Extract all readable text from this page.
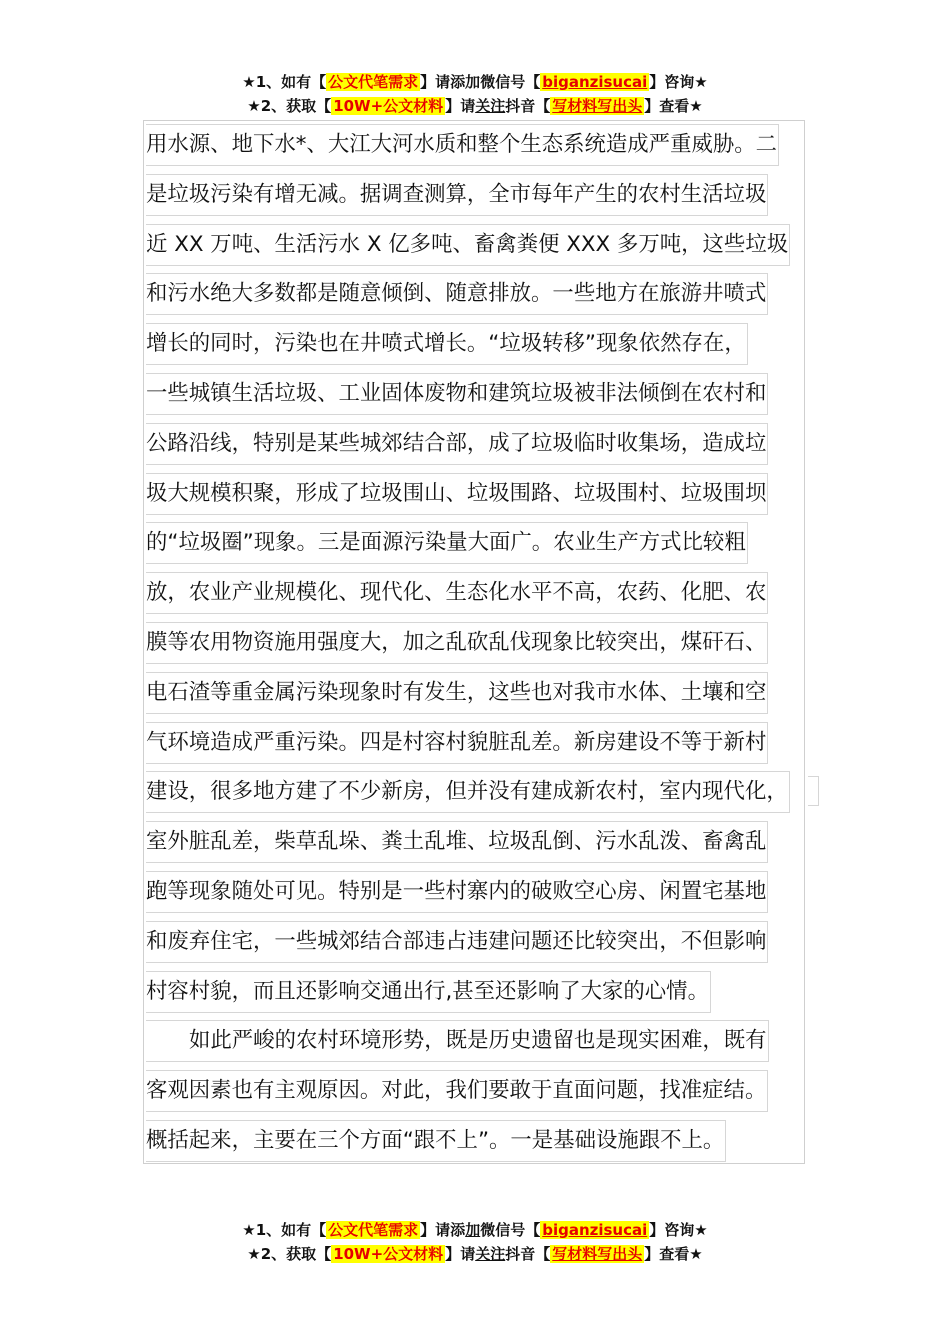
★1、如有【 公文代笔需求 】请添加微信号【 biganzisucai 】咨询★
★2、获取【 10W+公文材料 】请关注抖音【 写材料写出头 】查看★
用水源、地下水*、大江大河水质和整个生态系统造成严重威胁。二
是垃圾污染有增无减。据调查测算，全市每年产生的农村生活垃圾
近 XX 万吨、生活污水 X 亿多吨、畜禽粪便 XXX 多万吨，这些垃圾
和污水绝大多数都是随意倾倒、随意排放。一些地方在旅游井喷式
增长的同时，污染也在井喷式增长。“垃圾转移”现象依然存在，
一些城镇生活垃圾、工业固体废物和建筑垃圾被非法倾倒在农村和
公路沿线，特别是某些城郊结合部，成了垃圾临时收集场，造成垃
圾大规模积聚，形成了垃圾围山、垃圾围路、垃圾围村、垃圾围坝
的“垃圾圈”现象。三是面源污染量大面广。农业生产方式比较粗
放，农业产业规模化、现代化、生态化水平不高，农药、化肥、农
膜等农用物资施用强度大，加之乱砍乱伐现象比较突出，煤矸石、
电石渣等重金属污染现象时有发生，这些也对我市水体、土壤和空
气环境造成严重污染。四是村容村貌脏乱差。新房建设不等于新村
建设，很多地方建了不少新房，但并没有建成新农村，室内现代化，
室外脏乱差，柴草乱垛、粪土乱堆、垃圾乱倒、污水乱泼、畜禽乱
跑等现象随处可见。特别是一些村寨内的破败空心房、闲置宅基地
和废弃住宅，一些城郊结合部违占违建问题还比较突出，不但影响
村容村貌，而且还影响交通出行,甚至还影响了大家的心情。
如此严峻的农村环境形势，既是历史遗留也是现实困难，既有
客观因素也有主观原因。对此，我们要敢于直面问题，找准症结。
概括起来，主要在三个方面“跟不上”。一是基础设施跟不上。
★1、如有【 公文代笔需求 】请添加微信号【 biganzisucai 】咨询★
★2、获取【 10W+公文材料 】请关注抖音【 写材料写出头 】查看★
